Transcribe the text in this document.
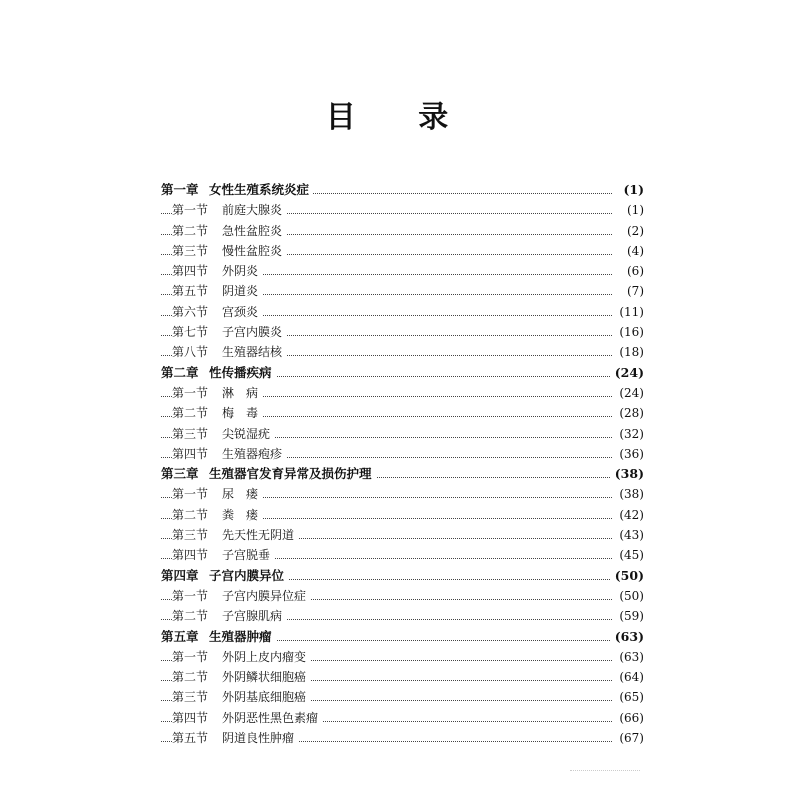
目 录
第一章 女性生殖系统炎症	(1)
第一节 前庭大腺炎	(1)
第二节 急性盆腔炎	(2)
第三节 慢性盆腔炎	(4)
第四节 外阴炎	(6)
第五节 阴道炎	(7)
第六节 宫颈炎	(11)
第七节 子宫内膜炎	(16)
第八节 生殖器结核	(18)
第二章 性传播疾病	(24)
第一节 淋　病	(24)
第二节 梅　毒	(28)
第三节 尖锐湿疣	(32)
第四节 生殖器疱疹	(36)
第三章 生殖器官发育异常及损伤护理	(38)
第一节 尿　瘘	(38)
第二节 粪　瘘	(42)
第三节 先天性无阴道	(43)
第四节 子宫脱垂	(45)
第四章 子宫内膜异位	(50)
第一节 子宫内膜异位症	(50)
第二节 子宫腺肌病	(59)
第五章 生殖器肿瘤	(63)
第一节 外阴上皮内瘤变	(63)
第二节 外阴鳞状细胞癌	(64)
第三节 外阴基底细胞癌	(65)
第四节 外阴恶性黑色素瘤	(66)
第五节 阴道良性肿瘤	(67)
